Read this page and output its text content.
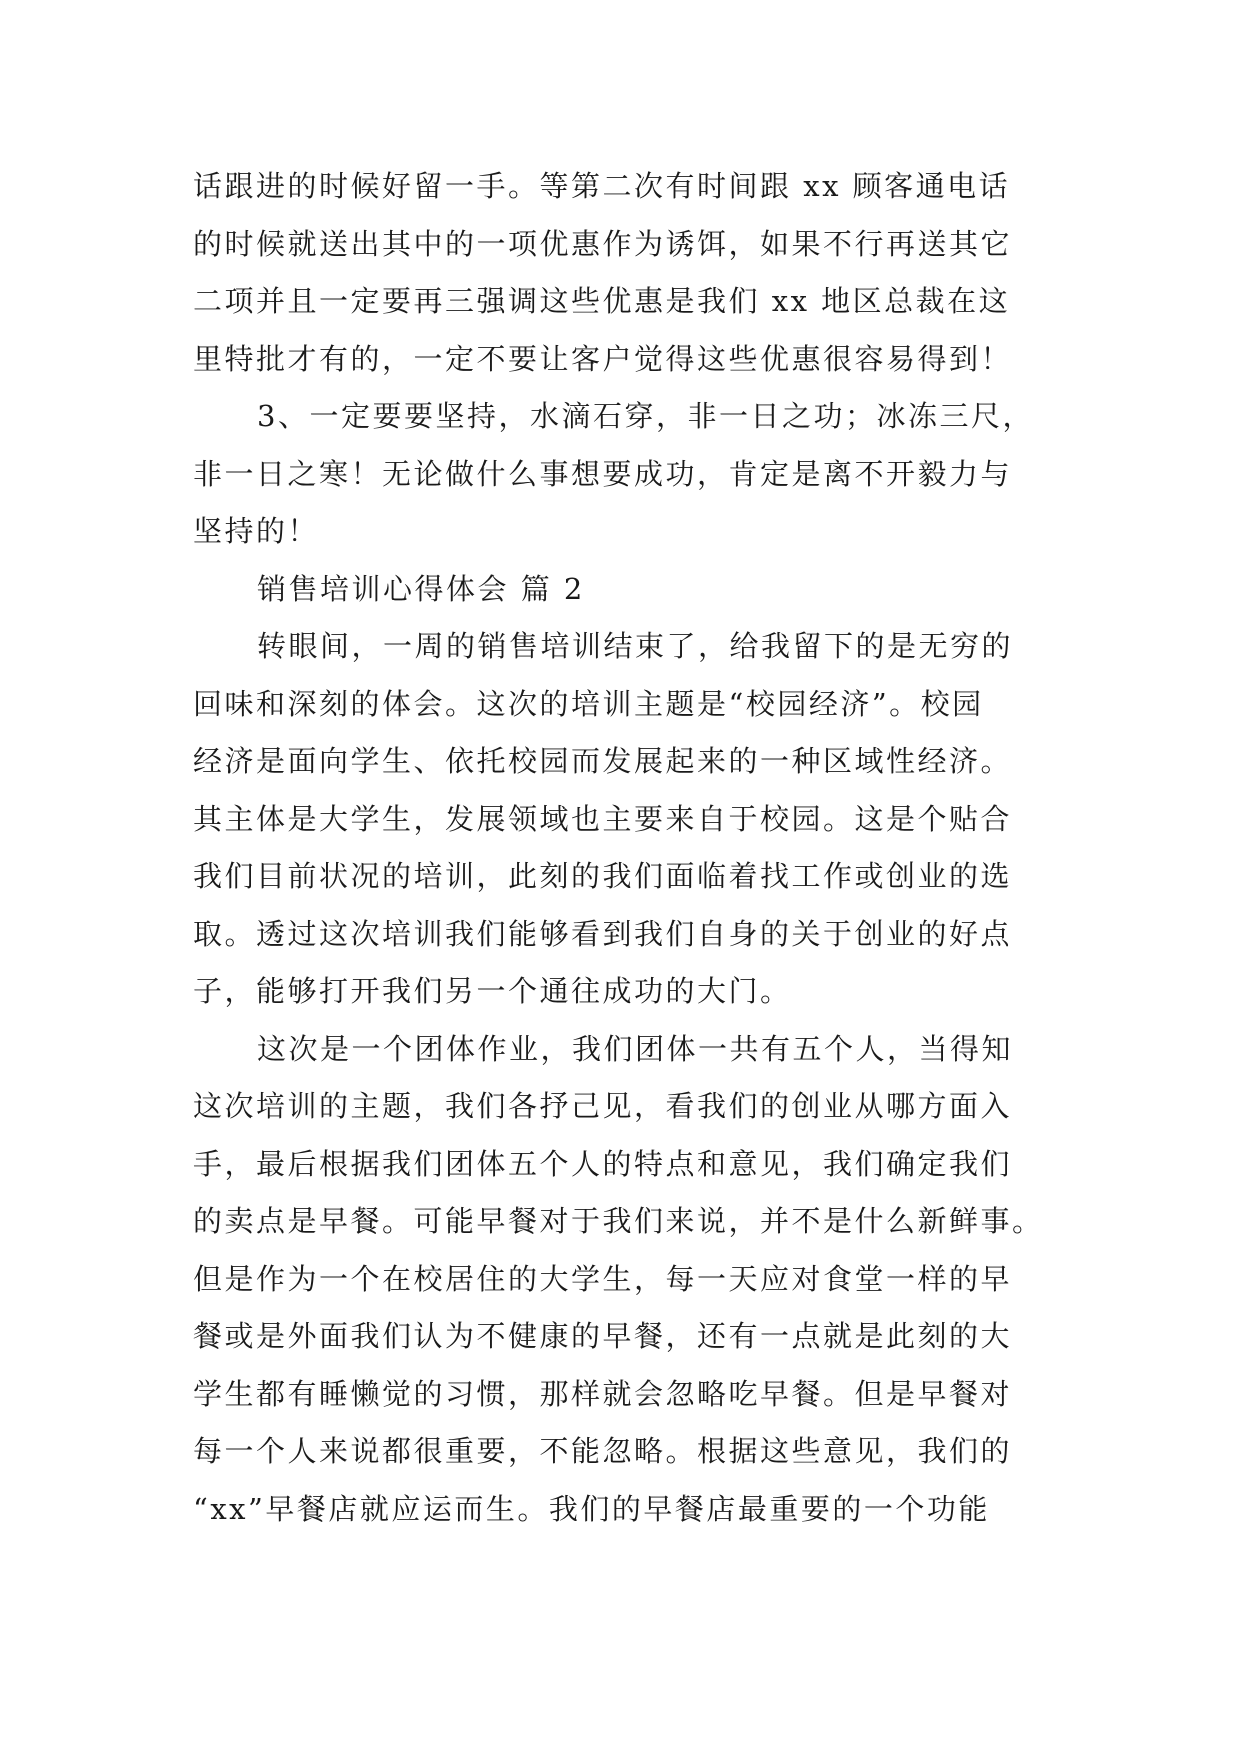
话跟进的时候好留一手。等第二次有时间跟 xx 顾客通电话
的时候就送出其中的一项优惠作为诱饵，如果不行再送其它
二项并且一定要再三强调这些优惠是我们 xx 地区总裁在这
里特批才有的，一定不要让客户觉得这些优惠很容易得到！
3、一定要要坚持，水滴石穿，非一日之功；冰冻三尺，
非一日之寒！无论做什么事想要成功，肯定是离不开毅力与
坚持的！
销售培训心得体会 篇 2
转眼间，一周的销售培训结束了，给我留下的是无穷的
回味和深刻的体会。这次的培训主题是“校园经济”。校园
经济是面向学生、依托校园而发展起来的一种区域性经济。
其主体是大学生，发展领域也主要来自于校园。这是个贴合
我们目前状况的培训，此刻的我们面临着找工作或创业的选
取。透过这次培训我们能够看到我们自身的关于创业的好点
子，能够打开我们另一个通往成功的大门。
这次是一个团体作业，我们团体一共有五个人，当得知
这次培训的主题，我们各抒己见，看我们的创业从哪方面入
手，最后根据我们团体五个人的特点和意见，我们确定我们
的卖点是早餐。可能早餐对于我们来说，并不是什么新鲜事。
但是作为一个在校居住的大学生，每一天应对食堂一样的早
餐或是外面我们认为不健康的早餐，还有一点就是此刻的大
学生都有睡懒觉的习惯，那样就会忽略吃早餐。但是早餐对
每一个人来说都很重要，不能忽略。根据这些意见，我们的
“xx”早餐店就应运而生。我们的早餐店最重要的一个功能
